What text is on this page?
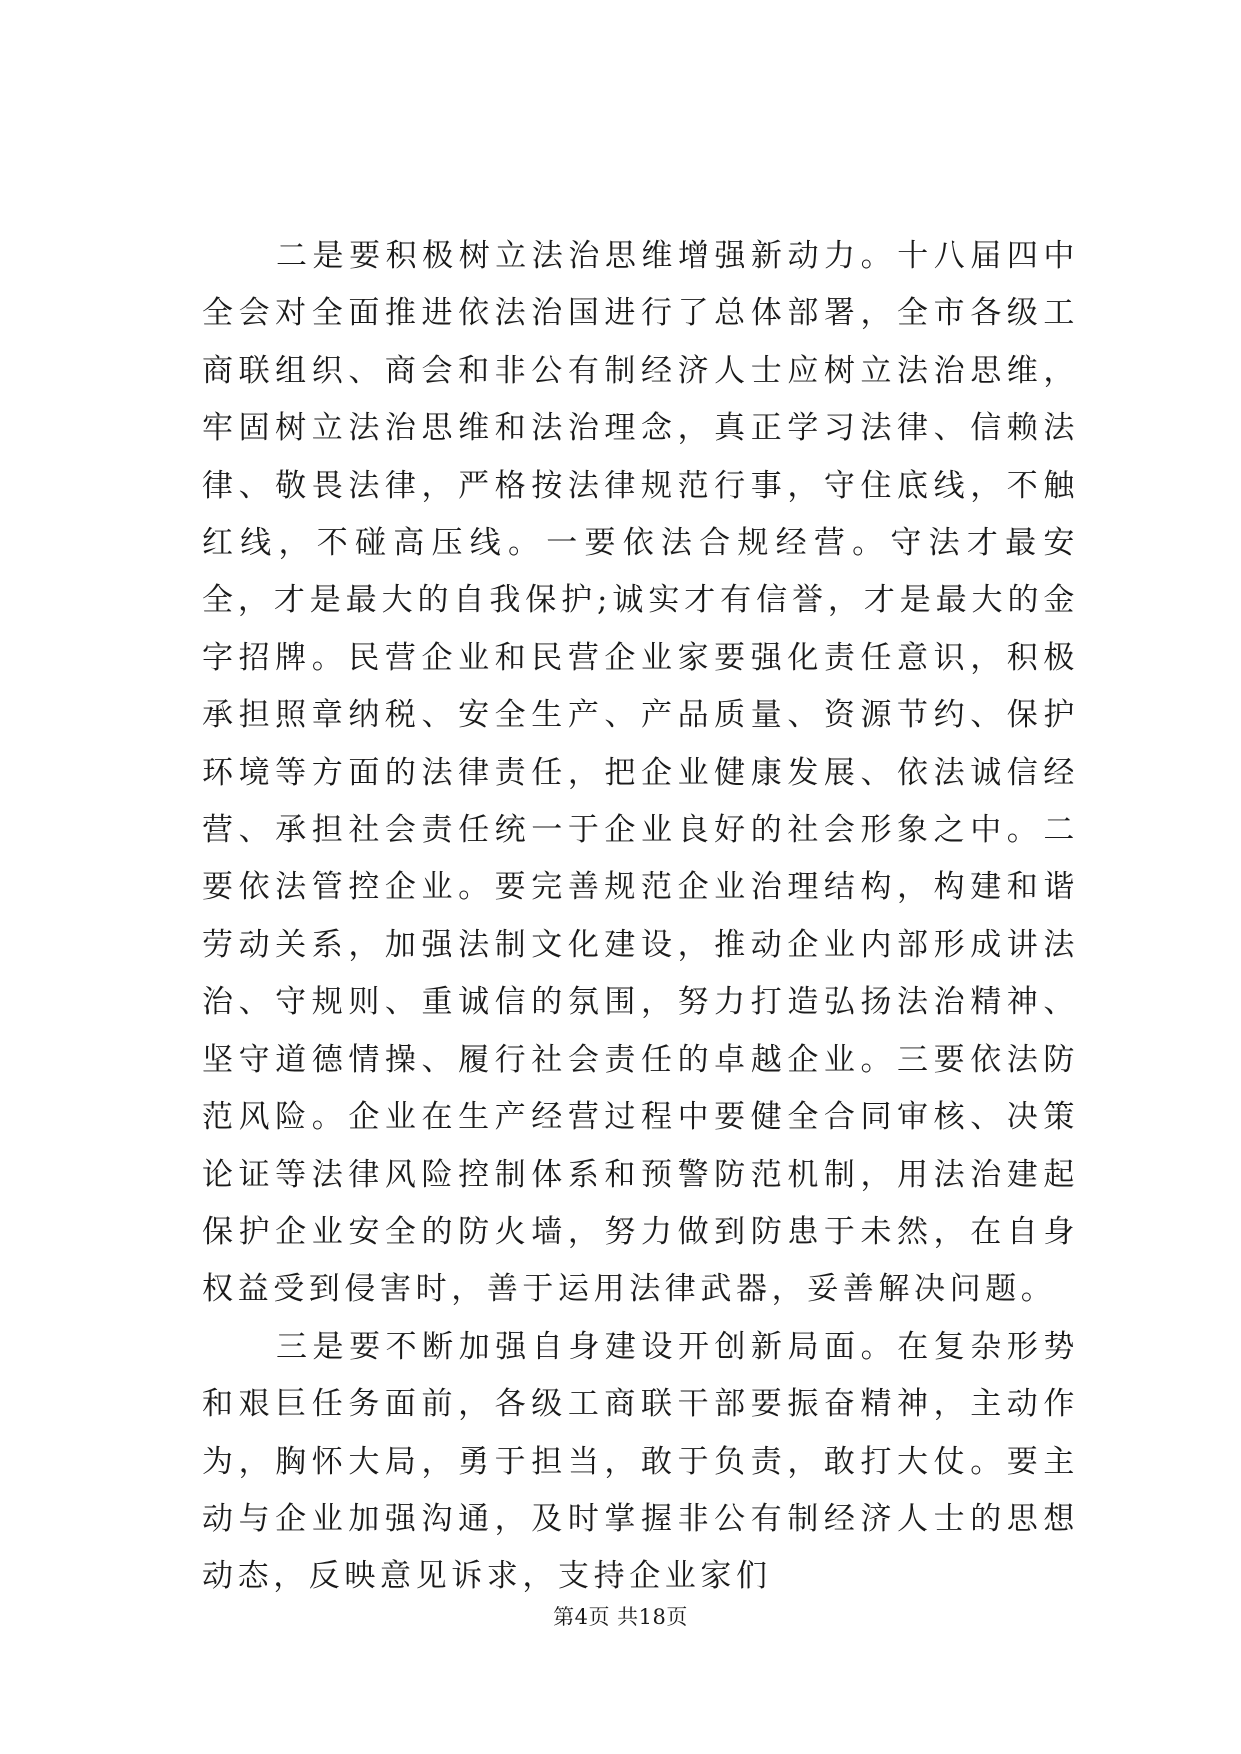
二是要积极树立法治思维增强新动力。十八届四中全会对全面推进依法治国进行了总体部署，全市各级工商联组织、商会和非公有制经济人士应树立法治思维，牢固树立法治思维和法治理念，真正学习法律、信赖法律、敬畏法律，严格按法律规范行事，守住底线，不触红线，不碰高压线。一要依法合规经营。守法才最安全，才是最大的自我保护;诚实才有信誉，才是最大的金字招牌。民营企业和民营企业家要强化责任意识，积极承担照章纳税、安全生产、产品质量、资源节约、保护环境等方面的法律责任，把企业健康发展、依法诚信经营、承担社会责任统一于企业良好的社会形象之中。二要依法管控企业。要完善规范企业治理结构，构建和谐劳动关系，加强法制文化建设，推动企业内部形成讲法治、守规则、重诚信的氛围，努力打造弘扬法治精神、坚守道德情操、履行社会责任的卓越企业。三要依法防范风险。企业在生产经营过程中要健全合同审核、决策论证等法律风险控制体系和预警防范机制，用法治建起保护企业安全的防火墙，努力做到防患于未然，在自身权益受到侵害时，善于运用法律武器，妥善解决问题。

三是要不断加强自身建设开创新局面。在复杂形势和艰巨任务面前，各级工商联干部要振奋精神，主动作为，胸怀大局，勇于担当，敢于负责，敢打大仗。要主动与企业加强沟通，及时掌握非公有制经济人士的思想动态，反映意见诉求，支持企业家们

第4页 共18页
